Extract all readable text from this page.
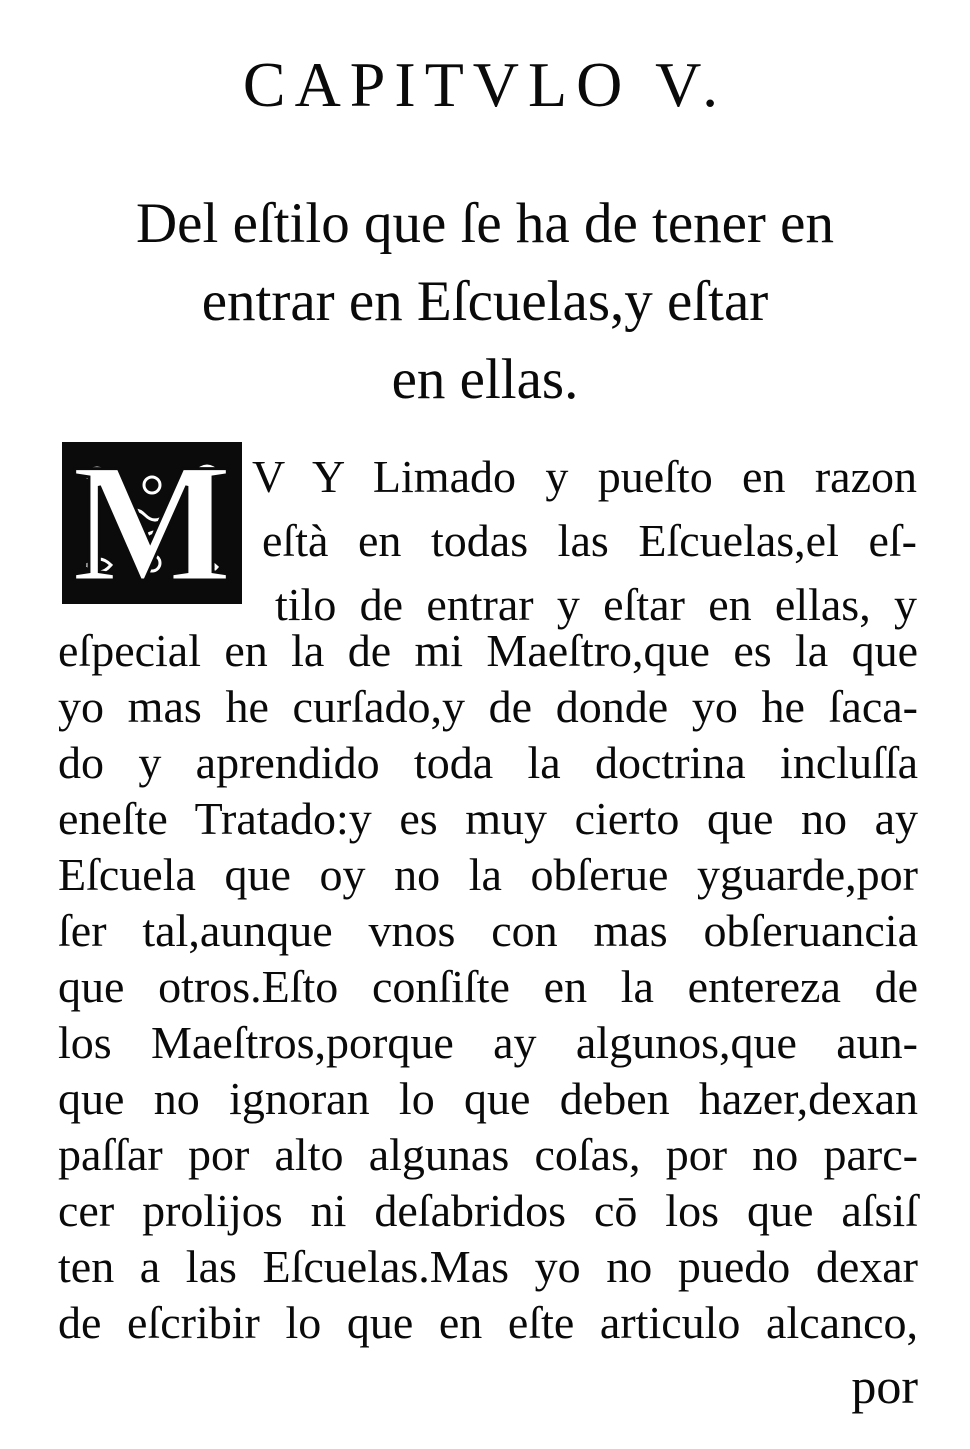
CAPITVLO V.
Del eſtilo que ſe ha de tener en
entrar en Eſcuelas,y eſtar
en ellas.
M V Y Limado y pueſto en razon
eſtà en todas las Eſcuelas,el eſ-
tilo de entrar y eſtar en ellas, y
eſpecial en la de mi Maeſtro,que es la que
yo mas he curſado,y de donde yo he ſaca-
do y aprendido toda la doctrina incluſſa
eneſte Tratado:y es muy cierto que no ay
Eſcuela que oy no la obſerue yguarde,por
ſer tal,aunque vnos con mas obſeruancia
que otros.Eſto conſiſte en la entereza de
los Maeſtros,porque ay algunos,que aun-
que no ignoran lo que deben hazer,dexan
paſſar por alto algunas coſas, por no parc-
cer prolijos ni deſabridos cō los que aſsiſ
ten a las Eſcuelas.Mas yo no puedo dexar
de eſcribir lo que en eſte articulo alcanco,
por
